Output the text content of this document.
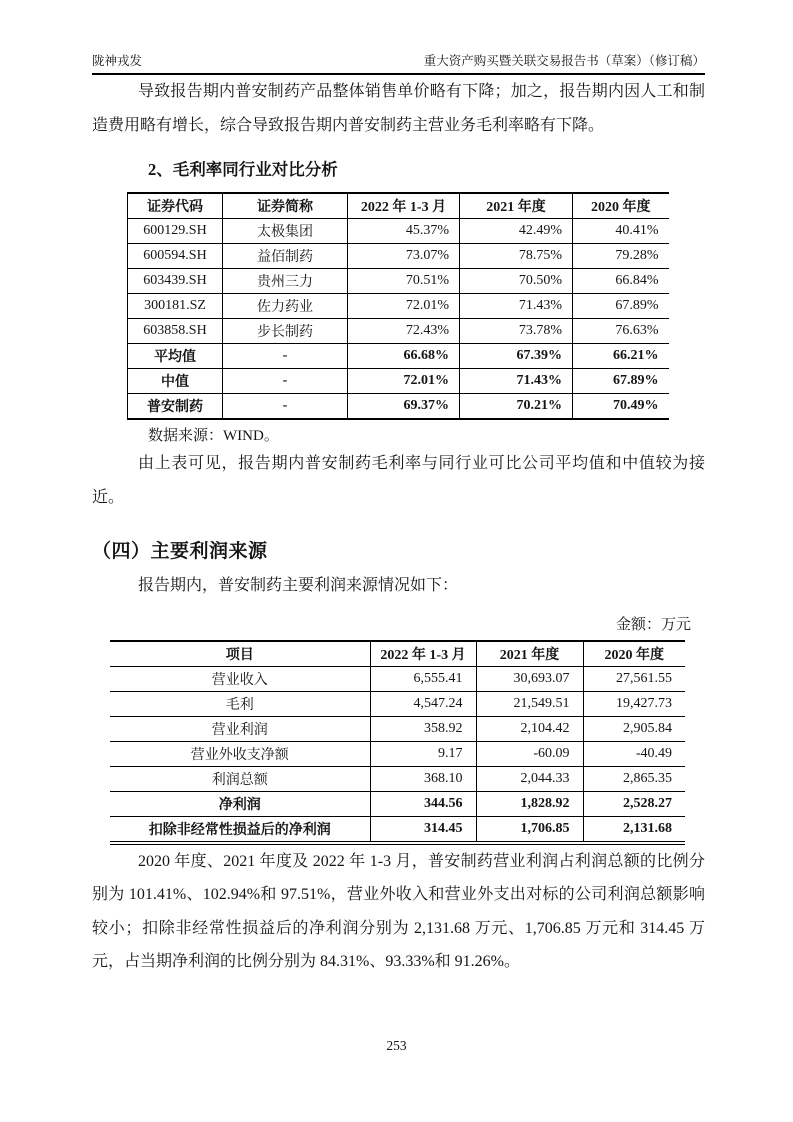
陇神戎发	重大资产购买暨关联交易报告书（草案）（修订稿）

导致报告期内普安制药产品整体销售单价略有下降；加之，报告期内因人工和制造费用略有增长，综合导致报告期内普安制药主营业务毛利率略有下降。

2、毛利率同行业对比分析
证券代码	证券简称	2022 年 1-3 月	2021 年度	2020 年度
600129.SH	太极集团	45.37%	42.49%	40.41%
600594.SH	益佰制药	73.07%	78.75%	79.28%
603439.SH	贵州三力	70.51%	70.50%	66.84%
300181.SZ	佐力药业	72.01%	71.43%	67.89%
603858.SH	步长制药	72.43%	73.78%	76.63%
平均值	-	66.68%	67.39%	66.21%
中值	-	72.01%	71.43%	67.89%
普安制药	-	69.37%	70.21%	70.49%

数据来源：WIND。

由上表可见，报告期内普安制药毛利率与同行业可比公司平均值和中值较为接近。

（四）主要利润来源

报告期内，普安制药主要利润来源情况如下：

金额：万元

项目	2022 年 1-3 月	2021 年度	2020 年度
营业收入	6,555.41	30,693.07	27,561.55
毛利	4,547.24	21,549.51	19,427.73
营业利润	358.92	2,104.42	2,905.84
营业外收支净额	9.17	-60.09	-40.49
利润总额	368.10	2,044.33	2,865.35
净利润	344.56	1,828.92	2,528.27
扣除非经常性损益后的净利润	314.45	1,706.85	2,131.68

2020 年度、2021 年度及 2022 年 1-3 月，普安制药营业利润占利润总额的比例分别为 101.41%、102.94%和 97.51%，营业外收入和营业外支出对标的公司利润总额影响较小；扣除非经常性损益后的净利润分别为 2,131.68 万元、1,706.85 万元和 314.45 万元，占当期净利润的比例分别为 84.31%、93.33%和 91.26%。

253
